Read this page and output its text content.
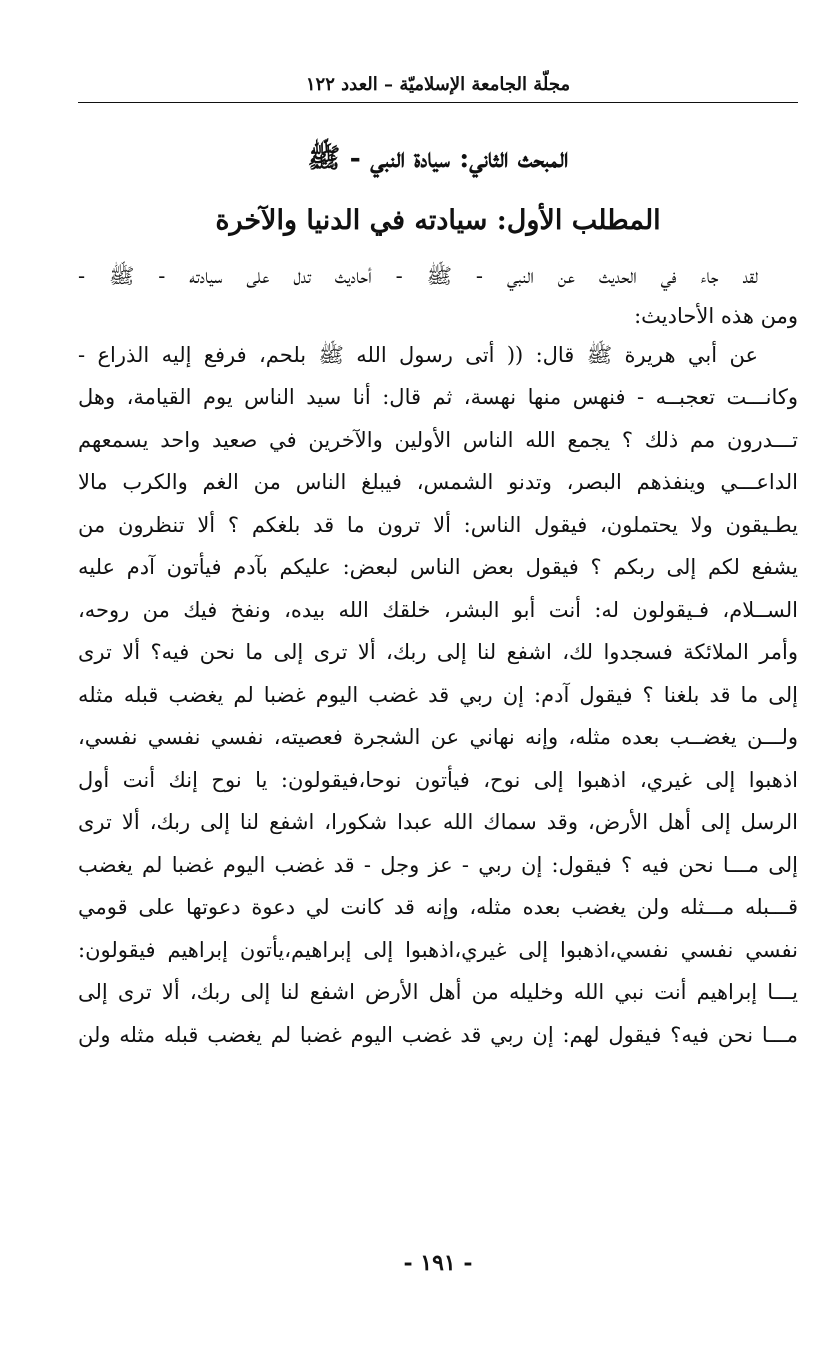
مجلّة الجامعة الإسلاميّة – العدد ١٢٢
المبحث الثاني: سيادة النبي - ﷺ
المطلب الأول: سيادته في الدنيا والآخرة
لقد جاء في الحديث عن النبي - ﷺ - أحاديث تدل على سيادته - ﷺ -
ومن هذه الأحاديث:
عن أبي هريرة ﷺ قال: (( أتى رسول الله ﷺ بلحم، فرفع إليه الذراع -
وكانـــت تعجبــه - فنهس منها نهسة، ثم قال: أنا سيد الناس يوم القيامة، وهل
تـــدرون مم ذلك ؟ يجمع الله الناس الأولين والآخرين في صعيد واحد يسمعهم
الداعـــي وينفذهم البصر، وتدنو الشمس، فيبلغ الناس من الغم والكرب مالا
يطـيقون ولا يحتملون، فيقول الناس: ألا ترون ما قد بلغكم ؟ ألا تنظرون من
يشفع لكم إلى ربكم ؟ فيقول بعض الناس لبعض: عليكم بآدم فيأتون آدم عليه
الســلام، فـيقولون له: أنت أبو البشر، خلقك الله بيده، ونفخ فيك من روحه،
وأمر الملائكة فسجدوا لك، اشفع لنا إلى ربك، ألا ترى إلى ما نحن فيه؟ ألا ترى
إلى ما قد بلغنا ؟ فيقول آدم: إن ربي قد غضب اليوم غضبا لم يغضب قبله مثله
ولـــن يغضــب بعده مثله، وإنه نهاني عن الشجرة فعصيته، نفسي نفسي نفسي،
اذهبوا إلى غيري، اذهبوا إلى نوح، فيأتون نوحا،فيقولون: يا نوح إنك أنت أول
الرسل إلى أهل الأرض، وقد سماك الله عبدا شكورا، اشفع لنا إلى ربك، ألا ترى
إلى مـــا نحن فيه ؟ فيقول: إن ربي - عز وجل - قد غضب اليوم غضبا لم يغضب
قـــبله مـــثله ولن يغضب بعده مثله، وإنه قد كانت لي دعوة دعوتها على قومي
نفسي نفسي نفسي،اذهبوا إلى غيري،اذهبوا إلى إبراهيم،يأتون إبراهيم فيقولون:
يـــا إبراهيم أنت نبي الله وخليله من أهل الأرض اشفع لنا إلى ربك، ألا ترى إلى
مـــا نحن فيه؟ فيقول لهم: إن ربي قد غضب اليوم غضبا لم يغضب قبله مثله ولن
- ١٩١ -
